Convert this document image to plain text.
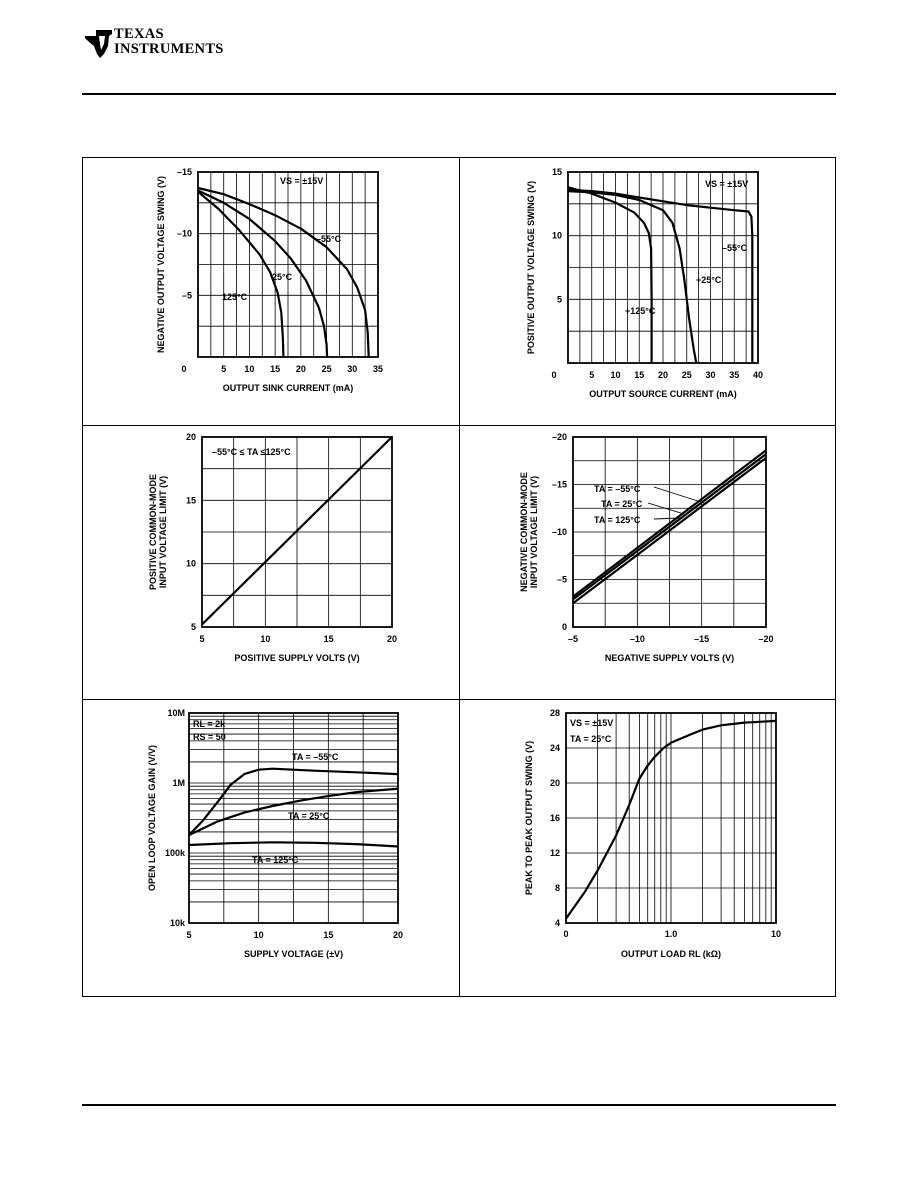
TEXAS
INSTRUMENTS
0	5 10 15 20 25 30 35
–15
–10
–5
OUTPUT SINK CURRENT (mA)
NEGATIVE OUTPUT VOLTAGE SWING (V)
0	5 10 15 20 25 30 35 40
15
10
5
OUTPUT SOURCE CURRENT (mA)
POSITIVE OUTPUT VOLTAGE SWING (V)
5	10	15	20
5
10
15
20
POSITIVE SUPPLY VOLTS (V)
POSITIVE COMMON-MODE INPUT VOLTAGE LIMIT (V)
–5	–10	–15	–20
0
–5
–10
–15
–20
NEGATIVE SUPPLY VOLTS (V)
NEGATIVE COMMON-MODE INPUT VOLTAGE LIMIT (V)
5	10	15	20
10k
100k
1M
10M
SUPPLY VOLTAGE (±V)
OPEN LOOP VOLTAGE GAIN (V/V)
0	1.0	10
4
8
12
16
20
24
28
OUTPUT LOAD RL (kΩ)
PEAK TO PEAK OUTPUT SWING (V)
VS = ±15V
–55°C
25°C
125°C
VS = ±15V
–55°C
+25°C
+125°C
–55°C ≤ TA ≤125°C
TA = –55°C
TA = 25°C
TA = 125°C
RL = 2k
RS = 50
TA = –55°C
TA = 25°C
TA = 125°C
VS = ±15V
TA = 25°C
